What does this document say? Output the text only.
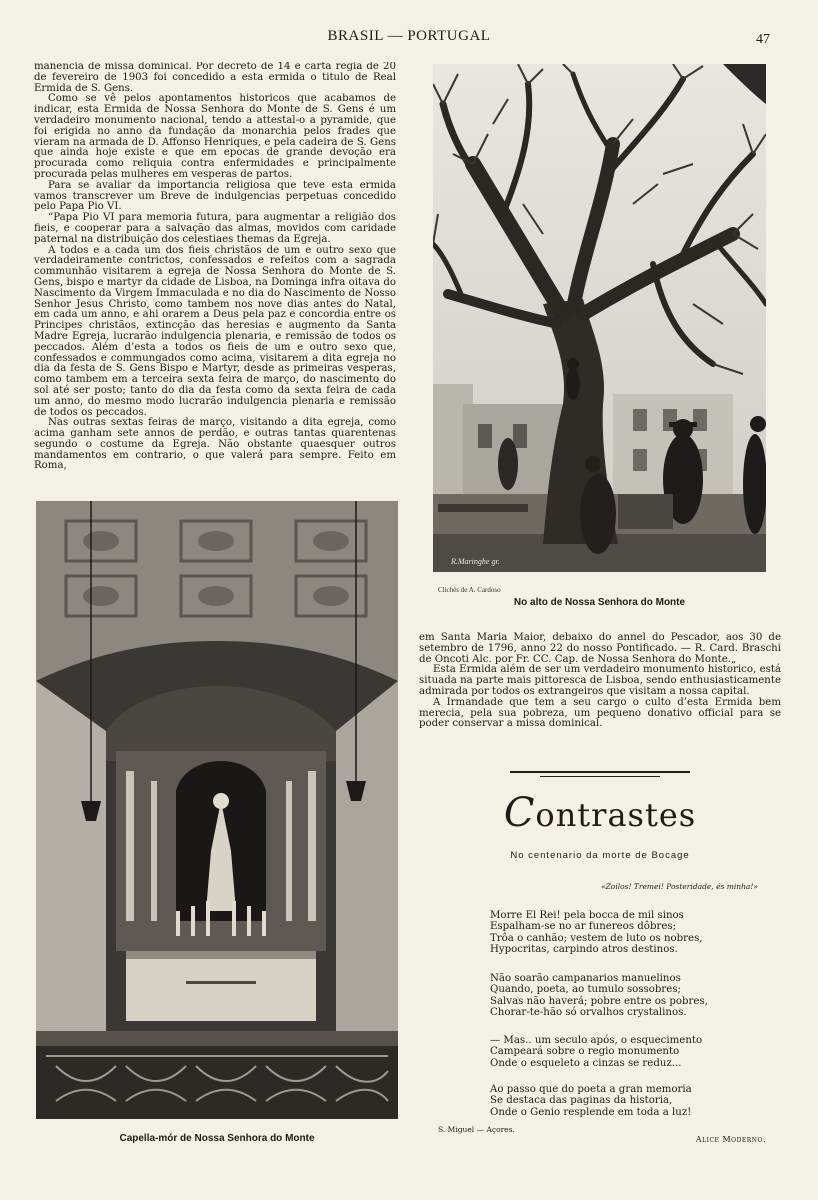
BRASIL — PORTUGAL	47

manencia de missa dominical. Por decreto de 14 e carta regia de 20 de fevereiro de 1903 foi concedido a esta ermida o titulo de Real Ermida de S. Gens.

Como se vê pelos apontamentos historicos que acabamos de indicar, esta Ermida de Nossa Senhora do Monte de S. Gens é um verdadeiro monumento nacional, tendo a attestal-o a pyramide, que foi erigida no anno da fundação da monarchia pelos frades que vieram na armada de D. Affonso Henriques, e pela cadeira de S. Gens que ainda hoje existe e que em epocas de grande devoção era procurada como reliquia contra enfermidades e principalmente procurada pelas mulheres em vesperas de partos.

Para se avaliar da importancia religiosa que teve esta ermida vamos transcrever um Breve de indulgencias perpetuas concedido pelo Papa Pio VI.

“Papa Pio VI para memoria futura, para augmentar a religião dos fieis, e cooperar para a salvação das almas, movidos com caridade paternal na distribuição dos celestiaes themas da Egreja.

A todos e a cada um dos fieis christãos de um e outro sexo que verdadeiramente contrictos, confessados e refeitos com a sagrada communhão visitarem a egreja de Nossa Senhora do Monte de S. Gens, bispo e martyr da cidade de Lisboa, na Dominga infra oitava do Nascimento da Virgem Immaculada e no dia do Nascimento de Nosso Senhor Jesus Christo, como tambem nos nove dias antes do Natal, em cada um anno, e ahi orarem a Deus pela paz e concordia entre os Principes christãos, extincção das heresias e augmento da Santa Madre Egreja, lucrarão indulgencia plenaria, e remissão de todos os peccados. Além d’esta a todos os fieis de um e outro sexo que, confessados e commungados como acima, visitarem a dita egreja no dia da festa de S. Gens Bispo e Martyr, desde as primeiras vesperas, como tambem em a terceira sexta feira de março, do nascimento do sol até ser posto; tanto do dia da festa como da sexta feira de cada um anno, do mesmo modo lucrarão indulgencia plenaria e remissão de todos os peccados.

Nas outras sextas feiras de março, visitando a dita egreja, como acima ganham sete annos de perdão, e outras tantas quarentenas segundo o costume da Egreja. Não obstante quaesquer outros mandamentos em contrario, o que valerá para sempre. Feito em Roma,

R.Maringhe gr.
Clichés de A. Cardoso
No alto de Nossa Senhora do Monte
Capella-mór de Nossa Senhora do Monte

em Santa Maria Maior, debaixo do annel do Pescador, aos 30 de setembro de 1796, anno 22 do nosso Pontificado. — R. Card. Braschi de Oncoti Alc. por Fr. CC. Cap. de Nossa Senhora do Monte.„

Esta Ermida além de ser um verdadeiro monumento historico, está situada na parte mais pittoresca de Lisboa, sendo enthusiasticamente admirada por todos os extrangeiros que visitam a nossa capital.

A Irmandade que tem a seu cargo o culto d’esta Ermida bem merecia, pela sua pobreza, um pequeno donativo official para se poder conservar a missa dominical.

Contrastes
No centenario da morte de Bocage
«Zoilos! Tremei! Posteridade, és minha!»
Morre El Rei! pela bocca de mil sinos
Espalham-se no ar funereos dôbres;
Trôa o canhão; vestem de luto os nobres,
Hypocritas, carpindo atros destinos.
Não soarão campanarios manuelinos
Quando, poeta, ao tumulo sossobres;
Salvas não haverá; pobre entre os pobres,
Chorar-te-hão só orvalhos crystalinos.
— Mas.. um seculo após, o esquecimento
Campeará sobre o regio monumento
Onde o esqueleto a cinzas se reduz...
Ao passo que do poeta a gran memoria
Se destaca das paginas da historia,
Onde o Genio resplende em toda a luz!
S. Miguel — Açores.
Alice Moderno.
